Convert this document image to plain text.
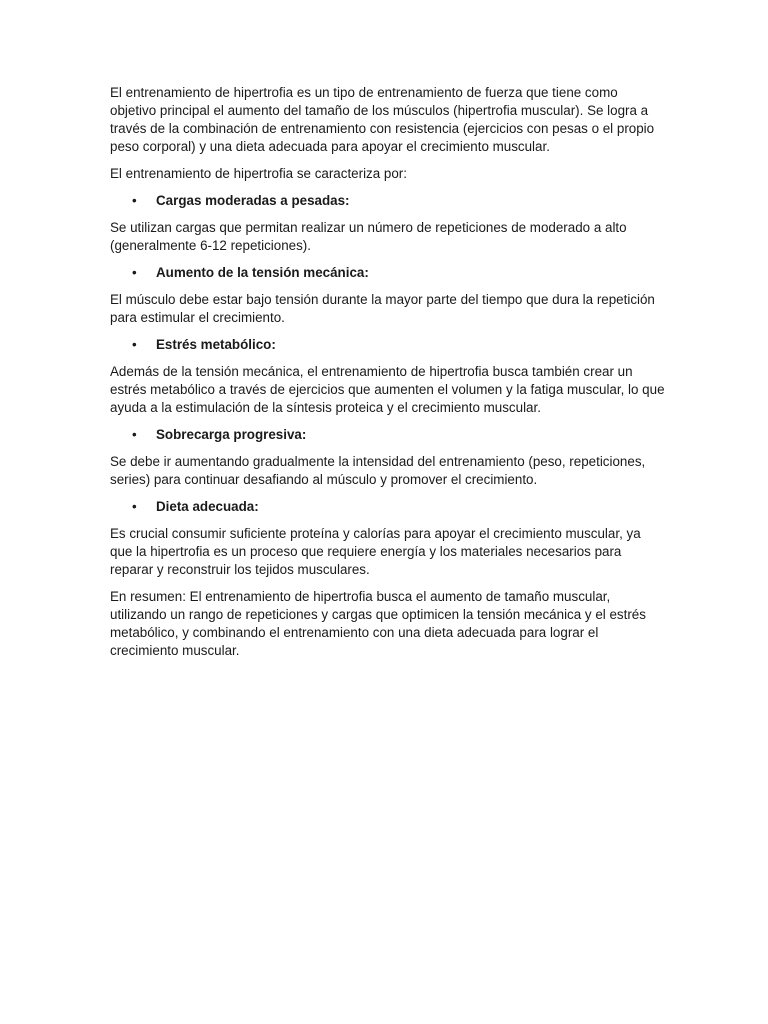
El entrenamiento de hipertrofia es un tipo de entrenamiento de fuerza que tiene como objetivo principal el aumento del tamaño de los músculos (hipertrofia muscular). Se logra a través de la combinación de entrenamiento con resistencia (ejercicios con pesas o el propio peso corporal) y una dieta adecuada para apoyar el crecimiento muscular.

El entrenamiento de hipertrofia se caracteriza por:

• Cargas moderadas a pesadas:

Se utilizan cargas que permitan realizar un número de repeticiones de moderado a alto (generalmente 6-12 repeticiones).

• Aumento de la tensión mecánica:

El músculo debe estar bajo tensión durante la mayor parte del tiempo que dura la repetición para estimular el crecimiento.

• Estrés metabólico:

Además de la tensión mecánica, el entrenamiento de hipertrofia busca también crear un estrés metabólico a través de ejercicios que aumenten el volumen y la fatiga muscular, lo que ayuda a la estimulación de la síntesis proteica y el crecimiento muscular.

• Sobrecarga progresiva:

Se debe ir aumentando gradualmente la intensidad del entrenamiento (peso, repeticiones, series) para continuar desafiando al músculo y promover el crecimiento.

• Dieta adecuada:

Es crucial consumir suficiente proteína y calorías para apoyar el crecimiento muscular, ya que la hipertrofia es un proceso que requiere energía y los materiales necesarios para reparar y reconstruir los tejidos musculares.

En resumen: El entrenamiento de hipertrofia busca el aumento de tamaño muscular, utilizando un rango de repeticiones y cargas que optimicen la tensión mecánica y el estrés metabólico, y combinando el entrenamiento con una dieta adecuada para lograr el crecimiento muscular.
